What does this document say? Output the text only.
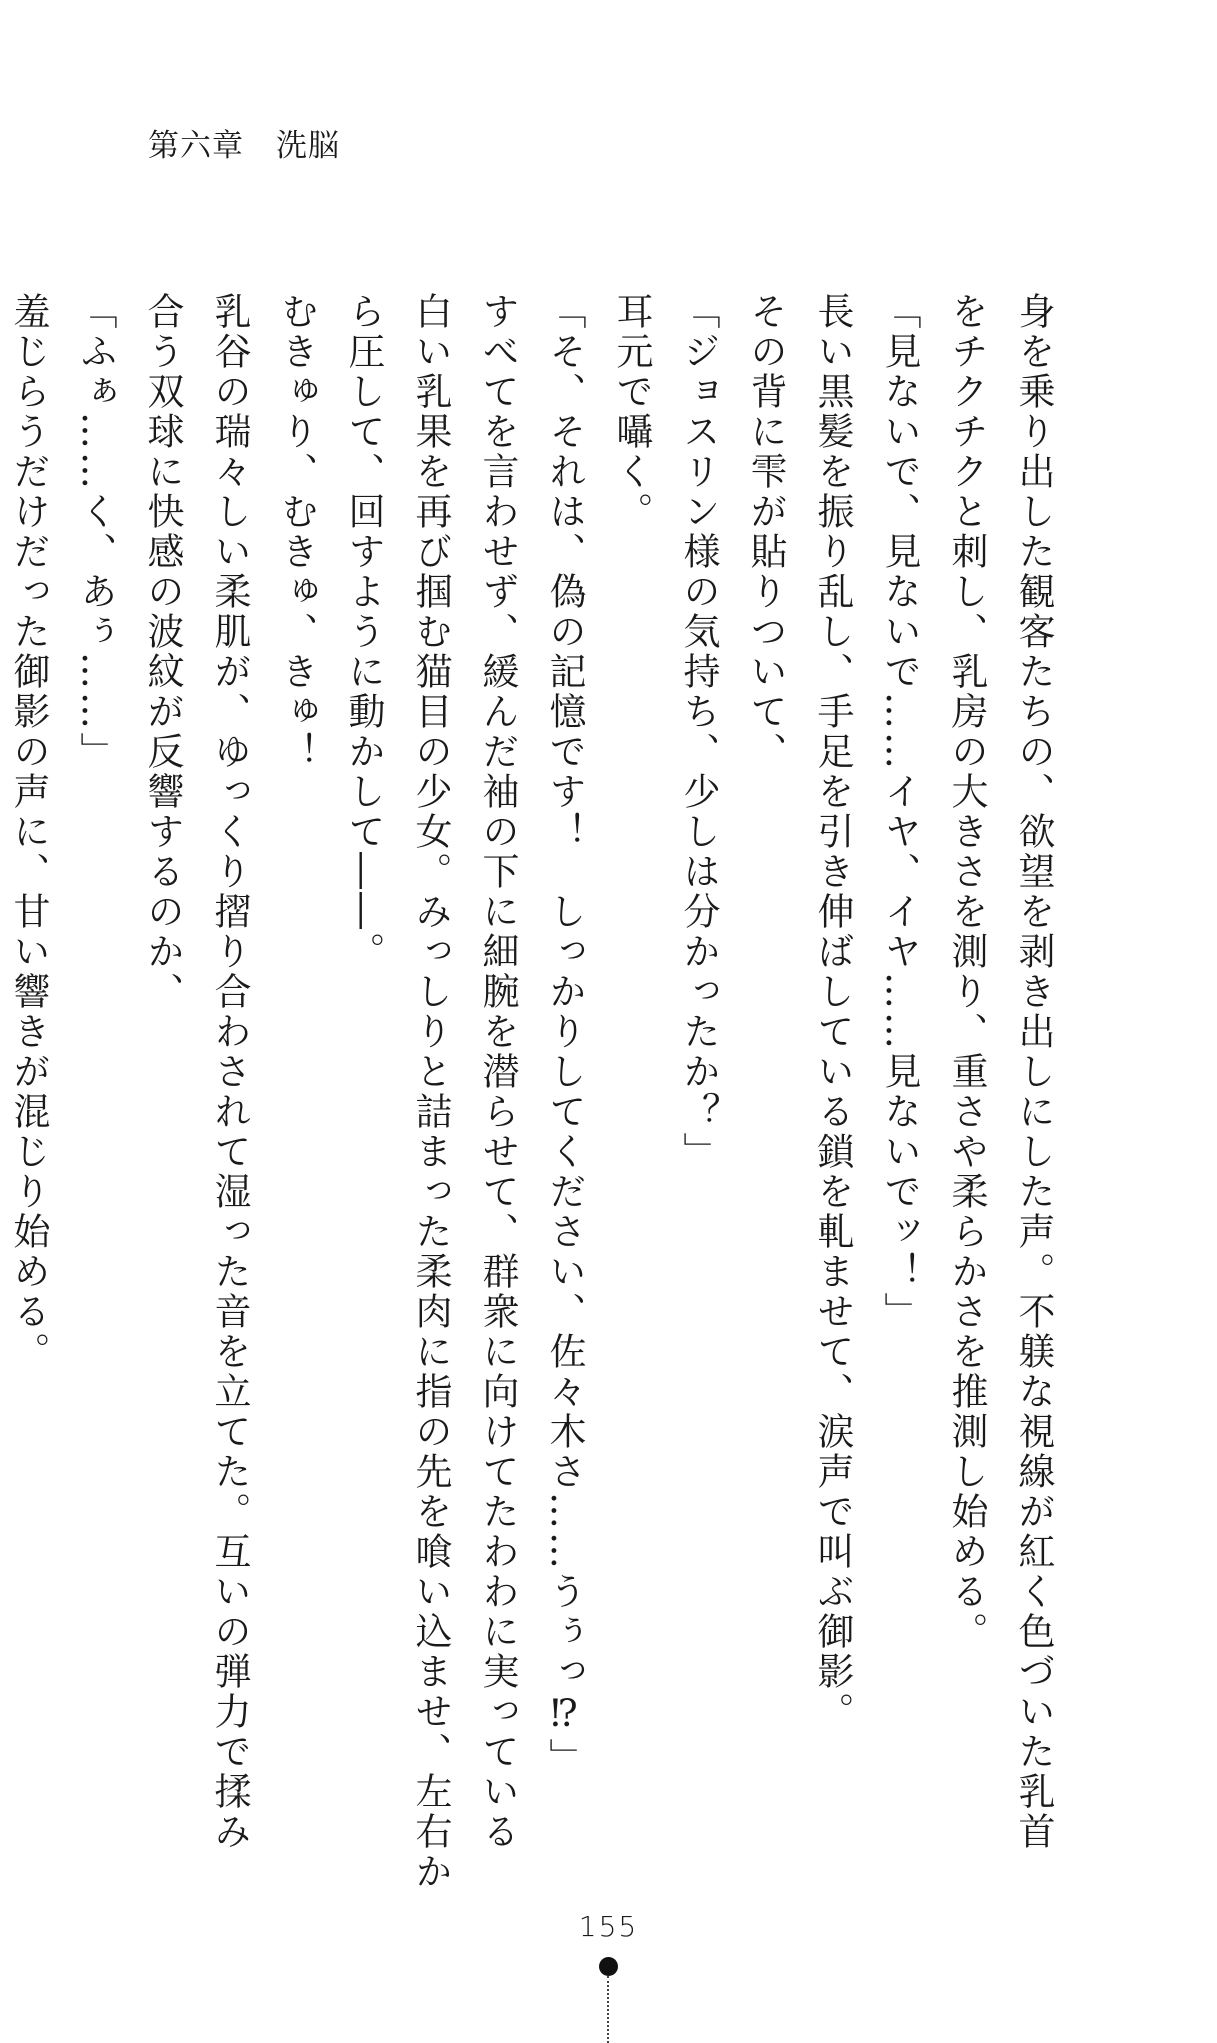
第六章　洗脳
身を乗り出した観客たちの、欲望を剥き出しにした声。不躾な視線が紅く色づいた乳首
をチクチクと刺し、乳房の大きさを測り、重さや柔らかさを推測し始める。
「見ないで、見ないで……イヤ、イヤ……見ないでッ！」
長い黒髪を振り乱し、手足を引き伸ばしている鎖を軋ませて、涙声で叫ぶ御影。
その背に雫が貼りついて、
「ジョスリン様の気持ち、少しは分かったか？」
耳元で囁く。
「そ、それは、偽の記憶です！　しっかりしてください、佐々木さ……うぅっ⁉」
すべてを言わせず、緩んだ袖の下に細腕を潜らせて、群衆に向けてたわわに実っている
白い乳果を再び掴む猫目の少女。みっしりと詰まった柔肉に指の先を喰い込ませ、左右か
ら圧して、回すように動かして――。
むきゅり、むきゅ、きゅ！
乳谷の瑞々しい柔肌が、ゆっくり摺り合わされて湿った音を立てた。互いの弾力で揉み
合う双球に快感の波紋が反響するのか、
「ふぁ……く、あぅ……」
羞じらうだけだった御影の声に、甘い響きが混じり始める。
155
